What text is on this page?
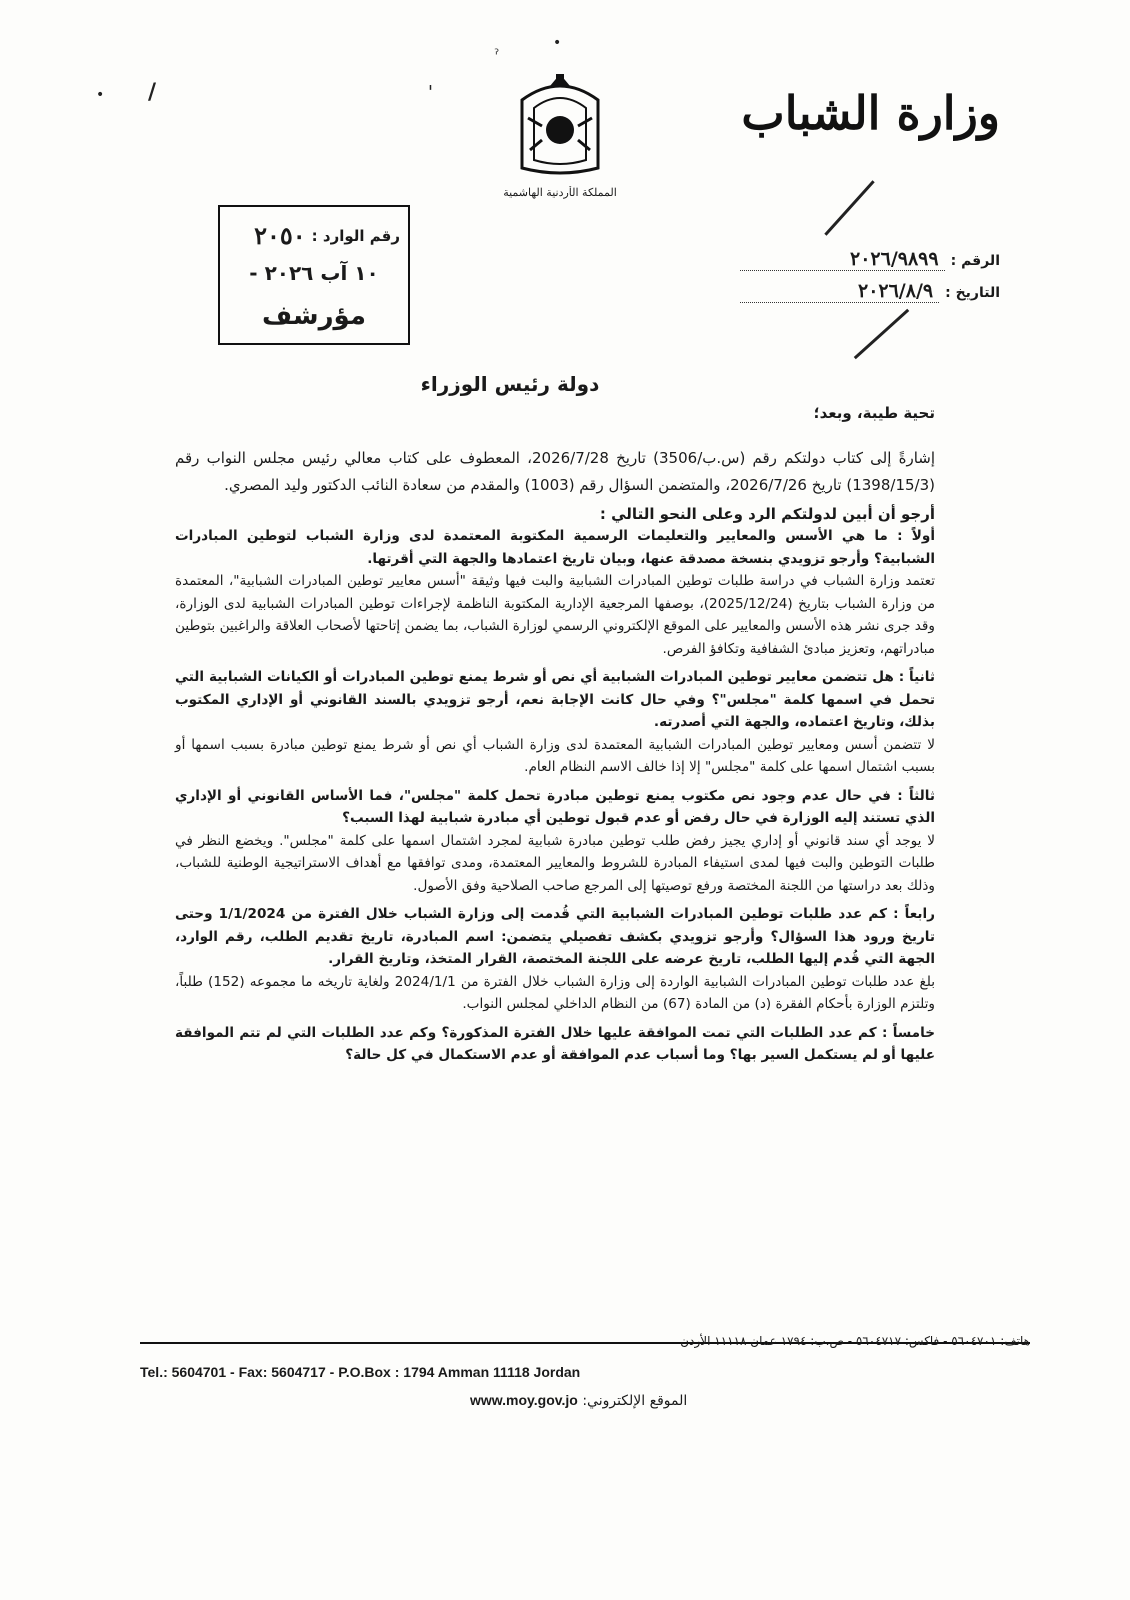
• /	'
ˀ
•
المملكة الأردنية الهاشمية
وزارة الشباب
رقم الوارد :
٢٠٥٠
١٠ آب ٢٠٢٦ -
مؤرشف
الرقم :
٢٠٢٦/٩٨٩٩
التاريخ :
٢٠٢٦/٨/٩
دولة رئيس الوزراء

تحية طيبة، وبعد؛

إشارةً إلى كتاب دولتكم رقم (س.ب/3506) تاريخ 2026/7/28، المعطوف على كتاب معالي رئيس مجلس النواب رقم (1398/15/3) تاريخ 2026/7/26، والمتضمن السؤال رقم (1003) والمقدم من سعادة النائب الدكتور وليد المصري.

أرجو أن أبين لدولتكم الرد وعلى النحو التالي :

أولاً : ما هي الأسس والمعايير والتعليمات الرسمية المكتوبة المعتمدة لدى وزارة الشباب لتوطين المبادرات الشبابية؟ وأرجو تزويدي بنسخة مصدقة عنها، وبيان تاريخ اعتمادها والجهة التي أقرتها.

تعتمد وزارة الشباب في دراسة طلبات توطين المبادرات الشبابية والبت فيها وثيقة "أسس معايير توطين المبادرات الشبابية"، المعتمدة من وزارة الشباب بتاريخ (2025/12/24)، بوصفها المرجعية الإدارية المكتوبة الناظمة لإجراءات توطين المبادرات الشبابية لدى الوزارة، وقد جرى نشر هذه الأسس والمعايير على الموقع الإلكتروني الرسمي لوزارة الشباب، بما يضمن إتاحتها لأصحاب العلاقة والراغبين بتوطين مبادراتهم، وتعزيز مبادئ الشفافية وتكافؤ الفرص.

ثانياً : هل تتضمن معايير توطين المبادرات الشبابية أي نص أو شرط يمنع توطين المبادرات أو الكيانات الشبابية التي تحمل في اسمها كلمة "مجلس"؟ وفي حال كانت الإجابة نعم، أرجو تزويدي بالسند القانوني أو الإداري المكتوب بذلك، وتاريخ اعتماده، والجهة التي أصدرته.

لا تتضمن أسس ومعايير توطين المبادرات الشبابية المعتمدة لدى وزارة الشباب أي نص أو شرط يمنع توطين مبادرة بسبب اسمها أو بسبب اشتمال اسمها على كلمة "مجلس" إلا إذا خالف الاسم النظام العام.

ثالثاً : في حال عدم وجود نص مكتوب يمنع توطين مبادرة تحمل كلمة "مجلس"، فما الأساس القانوني أو الإداري الذي تستند إليه الوزارة في حال رفض أو عدم قبول توطين أي مبادرة شبابية لهذا السبب؟

لا يوجد أي سند قانوني أو إداري يجيز رفض طلب توطين مبادرة شبابية لمجرد اشتمال اسمها على كلمة "مجلس". ويخضع النظر في طلبات التوطين والبت فيها لمدى استيفاء المبادرة للشروط والمعايير المعتمدة، ومدى توافقها مع أهداف الاستراتيجية الوطنية للشباب، وذلك بعد دراستها من اللجنة المختصة ورفع توصيتها إلى المرجع صاحب الصلاحية وفق الأصول.

رابعاً : كم عدد طلبات توطين المبادرات الشبابية التي قُدمت إلى وزارة الشباب خلال الفترة من 1/1/2024 وحتى تاريخ ورود هذا السؤال؟ وأرجو تزويدي بكشف تفصيلي يتضمن: اسم المبادرة، تاريخ تقديم الطلب، رقم الوارد، الجهة التي قُدم إليها الطلب، تاريخ عرضه على اللجنة المختصة، القرار المتخذ، وتاريخ القرار.

بلغ عدد طلبات توطين المبادرات الشبابية الواردة إلى وزارة الشباب خلال الفترة من 2024/1/1 ولغاية تاريخه ما مجموعه (152) طلباً، وتلتزم الوزارة بأحكام الفقرة (د) من المادة (67) من النظام الداخلي لمجلس النواب.

خامساً : كم عدد الطلبات التي تمت الموافقة عليها خلال الفترة المذكورة؟ وكم عدد الطلبات التي لم تتم الموافقة عليها أو لم يستكمل السير بها؟ وما أسباب عدم الموافقة أو عدم الاستكمال في كل حالة؟

هاتف: ٥٦٠٤٧٠١ - فاكس: ٥٦٠٤٧١٧ - ص.ب: ١٧٩٤ عمان ١١١١٨ الأردن
Tel.: 5604701 - Fax: 5604717 - P.O.Box : 1794 Amman 11118 Jordan
الموقع الإلكتروني: www.moy.gov.jo
